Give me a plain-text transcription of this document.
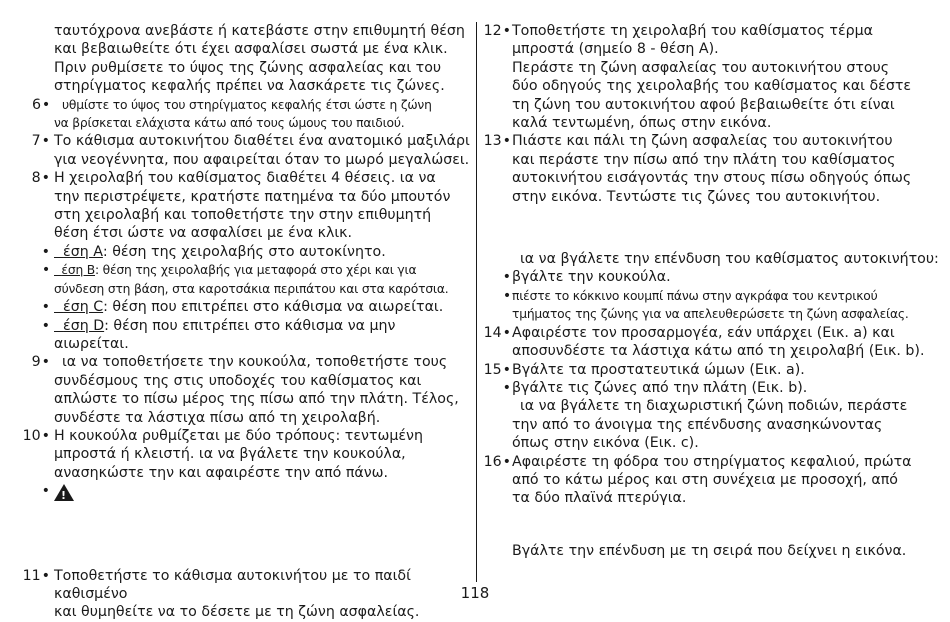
ταυτόχρονα ανεβάστε ή κατεβάστε στην επιθυμητή θέση
και βεβαιωθείτε ότι έχει ασφαλίσει σωστά με ένα κλικ.
Πριν ρυθμίσετε το ύψος της ζώνης ασφαλείας και του
στηρίγματος κεφαλής πρέπει να λασκάρετε τις ζώνες.

6 •	υθμίστε το ύψος του στηρίγματος κεφαλής έτσι ώστε η ζώνη
να βρίσκεται ελάχιστα κάτω από τους ώμους του παιδιού.

7 • Το κάθισμα αυτοκινήτου διαθέτει ένα ανατομικό μαξιλάρι
για νεογέννητα, που αφαιρείται όταν το μωρό μεγαλώσει.

8 • Η χειρολαβή του καθίσματος διαθέτει 4 θέσεις. ια να
την περιστρέψετε, κρατήστε πατημένα τα δύο μπουτόν
στη χειρολαβή και τοποθετήστε την στην επιθυμητή
θέση έτσι ώστε να ασφαλίσει με ένα κλικ.

•
έση Α: θέση της χειρολαβής στο αυτοκίνητο.

•
έση Β: θέση της χειρολαβής για μεταφορά στο χέρι και για
σύνδεση στη βάση, στα καροτσάκια περιπάτου και στα καρότσια.

•
έση C: θέση που επιτρέπει στο κάθισμα να αιωρείται.

•
έση D: θέση που επιτρέπει στο κάθισμα να μην αιωρείται.

9 •	ια να τοποθετήσετε την κουκούλα, τοποθετήστε τους
συνδέσμους της στις υποδοχές του καθίσματος και
απλώστε το πίσω μέρος της πίσω από την πλάτη. Τέλος,
συνδέστε τα λάστιχα πίσω από τη χειρολαβή.

10 • Η κουκούλα ρυθμίζεται με δύο τρόπους: τεντωμένη
μπροστά ή κλειστή. ια να βγάλετε την κουκούλα,
ανασηκώστε την και αφαιρέστε την από πάνω.

•
!

11 • Τοποθετήστε το κάθισμα αυτοκινήτου με το παιδί καθισμένο
και θυμηθείτε να το δέσετε με τη ζώνη ασφαλείας.

12 • Τοποθετήστε τη χειρολαβή του καθίσματος τέρμα
μπροστά (σημείο 8 - θέση Α).
Περάστε τη ζώνη ασφαλείας του αυτοκινήτου στους
δύο οδηγούς της χειρολαβής του καθίσματος και δέστε
τη ζώνη του αυτοκινήτου αφού βεβαιωθείτε ότι είναι
καλά τεντωμένη, όπως στην εικόνα.

13 • Πιάστε και πάλι τη ζώνη ασφαλείας του αυτοκινήτου
και περάστε την πίσω από την πλάτη του καθίσματος
αυτοκινήτου εισάγοντάς την στους πίσω οδηγούς όπως
στην εικόνα. Τεντώστε τις ζώνες του αυτοκινήτου.

ια να βγάλετε την επένδυση του καθίσματος αυτοκινήτου:

•
βγάλτε την κουκούλα.

•
πιέστε το κόκκινο κουμπί πάνω στην αγκράφα του κεντρικού
τμήματος της ζώνης για να απελευθερώσετε τη ζώνη ασφαλείας.

14 • Αφαιρέστε τον προσαρμογέα, εάν υπάρχει (Εικ. a) και
αποσυνδέστε τα λάστιχα κάτω από τη χειρολαβή (Εικ. b).

15 • Βγάλτε τα προστατευτικά ώμων (Εικ. a).

•
βγάλτε τις ζώνες από την πλάτη (Εικ. b).
ια να βγάλετε τη διαχωριστική ζώνη ποδιών, περάστε
την από το άνοιγμα της επένδυσης ανασηκώνοντας
όπως στην εικόνα (Εικ. c).

16 • Αφαιρέστε τη φόδρα του στηρίγματος κεφαλιού, πρώτα
από το κάτω μέρος και στη συνέχεια με προσοχή, από
τα δύο πλαϊνά πτερύγια.

Βγάλτε την επένδυση με τη σειρά που δείχνει η εικόνα.

118
